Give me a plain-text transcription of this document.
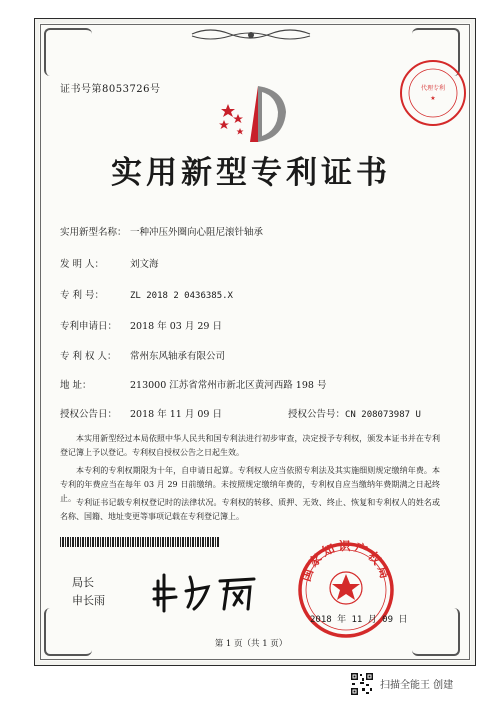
证书号第8053726号	代理专利
★
实用新型专利证书
实用新型名称： 一种冲压外圈向心阻尼滚针轴承
发 明 人：	刘文海
专 利 号：	ZL 2018 2 0436385.X
专利申请日： 2018 年 03 月 29 日
专 利 权 人： 常州东风轴承有限公司
地 址：	213000 江苏省常州市新北区黄河西路 198 号
授权公告日： 2018 年 11 月 09 日	授权公告号：CN 208073987 U
本实用新型经过本局依照中华人民共和国专利法进行初步审查，决定授予专利权，颁发本证书并在专利登记簿上予以登记。专利权自授权公告之日起生效。
本专利的专利权期限为十年，自申请日起算。专利权人应当依照专利法及其实施细则规定缴纳年费。本专利的年费应当在每年 03 月 29 日前缴纳。未按照规定缴纳年费的，专利权自应当缴纳年费期满之日起终止。 专利证书记载专利权登记时的法律状况。专利权的转移、质押、无效、终止、恢复和专利权人的姓名或名称、国籍、地址变更等事项记载在专利登记簿上。
局长
申长雨
国家知识产权局
2018 年 11 月 09 日
第 1 页（共 1 页）
扫描全能王 创建
